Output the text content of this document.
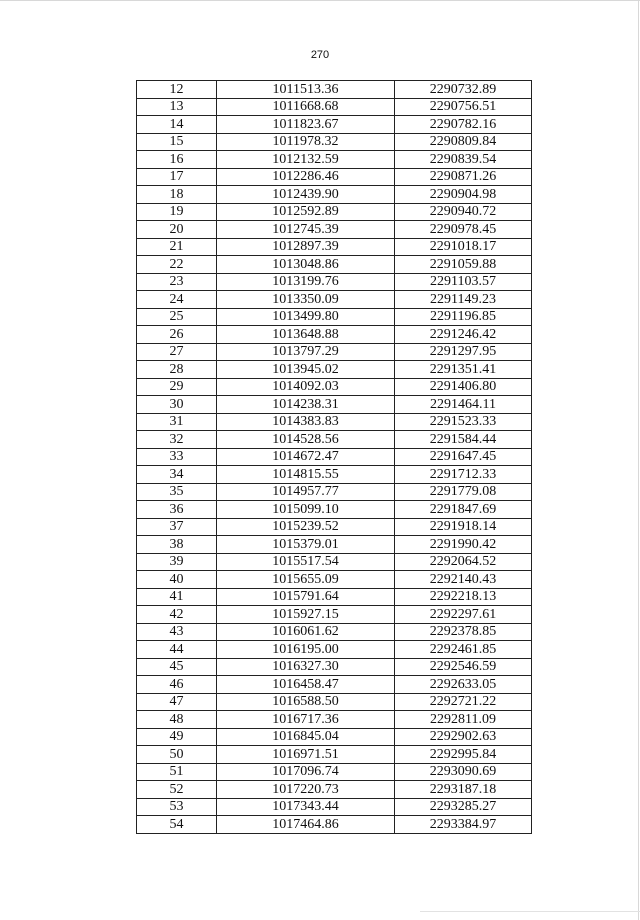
270
12	1011513.36	2290732.89
13	1011668.68	2290756.51
14	1011823.67	2290782.16
15	1011978.32	2290809.84
16	1012132.59	2290839.54
17	1012286.46	2290871.26
18	1012439.90	2290904.98
19	1012592.89	2290940.72
20	1012745.39	2290978.45
21	1012897.39	2291018.17
22	1013048.86	2291059.88
23	1013199.76	2291103.57
24	1013350.09	2291149.23
25	1013499.80	2291196.85
26	1013648.88	2291246.42
27	1013797.29	2291297.95
28	1013945.02	2291351.41
29	1014092.03	2291406.80
30	1014238.31	2291464.11
31	1014383.83	2291523.33
32	1014528.56	2291584.44
33	1014672.47	2291647.45
34	1014815.55	2291712.33
35	1014957.77	2291779.08
36	1015099.10	2291847.69
37	1015239.52	2291918.14
38	1015379.01	2291990.42
39	1015517.54	2292064.52
40	1015655.09	2292140.43
41	1015791.64	2292218.13
42	1015927.15	2292297.61
43	1016061.62	2292378.85
44	1016195.00	2292461.85
45	1016327.30	2292546.59
46	1016458.47	2292633.05
47	1016588.50	2292721.22
48	1016717.36	2292811.09
49	1016845.04	2292902.63
50	1016971.51	2292995.84
51	1017096.74	2293090.69
52	1017220.73	2293187.18
53	1017343.44	2293285.27
54	1017464.86	2293384.97
